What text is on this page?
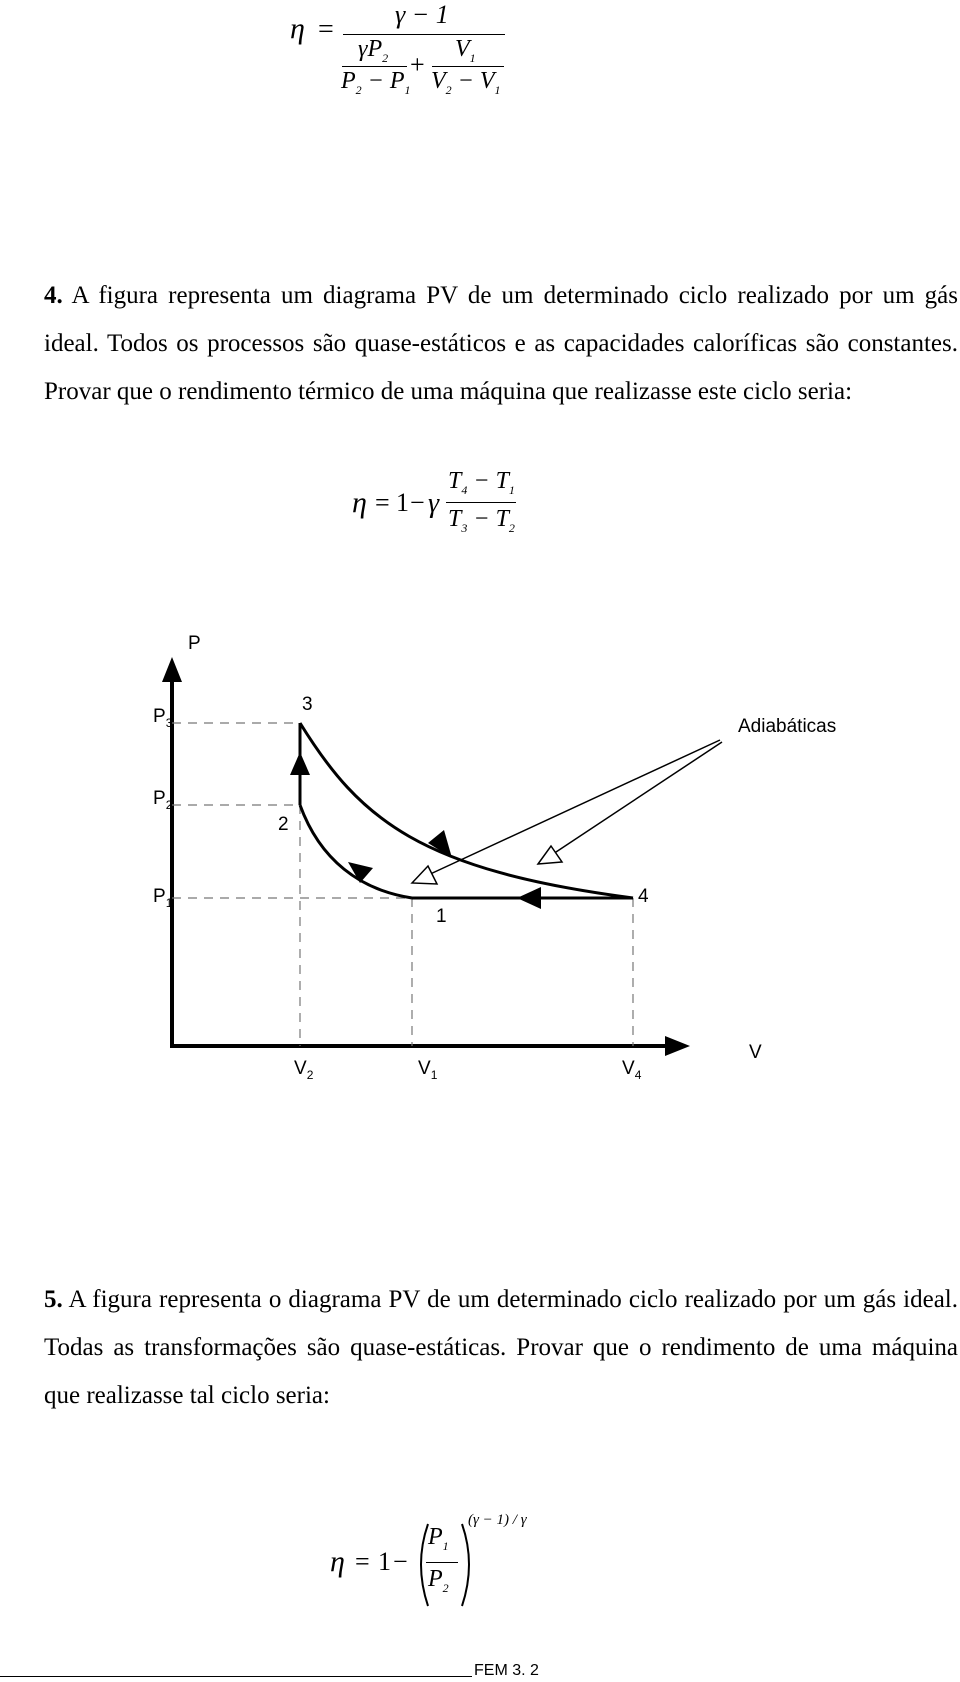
η = γ − 1
$\gamma P_2$
$P_2 - P_1$
+
$V_1$
$V_2 - V_1$
4. A figura representa um diagrama PV de um determinado ciclo realizado por um gás ideal. Todos os processos são quase-estáticos e as capacidades caloríficas são constantes. Provar que o rendimento térmico de uma máquina que realizasse este ciclo seria:
η = 1 − γ
$T_4 - T_1$
$T_3 - T_2$
P
V
$P_3$
$P_2$
$P_1$
$V_2$	$V_1$	$V_4$
3
2
1
4
Adiabáticas
5. A figura representa o diagrama PV de um determinado ciclo realizado por um gás ideal. Todas as transformações são quase-estáticas. Provar que o rendimento de uma máquina que realizasse tal ciclo seria:
η = 1 −
$P_1$
$P_2$
(γ − 1) / γ
FEM 3. 2
